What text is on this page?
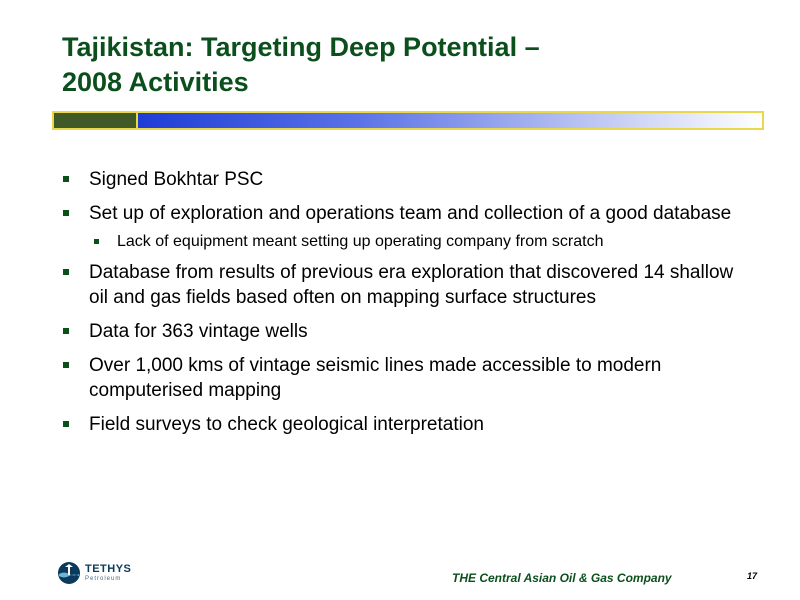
Tajikistan: Targeting Deep Potential –
2008 Activities
Signed Bokhtar PSC
Set up of exploration and operations team and collection of a good database
Lack of equipment meant setting up operating company from scratch
Database from results of previous era exploration that discovered 14 shallow oil and gas fields based often on mapping surface structures
Data for 363 vintage wells
Over 1,000 kms of vintage seismic lines made accessible to modern computerised mapping
Field surveys to check geological interpretation
TETHYS
Petroleum	THE Central Asian Oil & Gas Company	17
